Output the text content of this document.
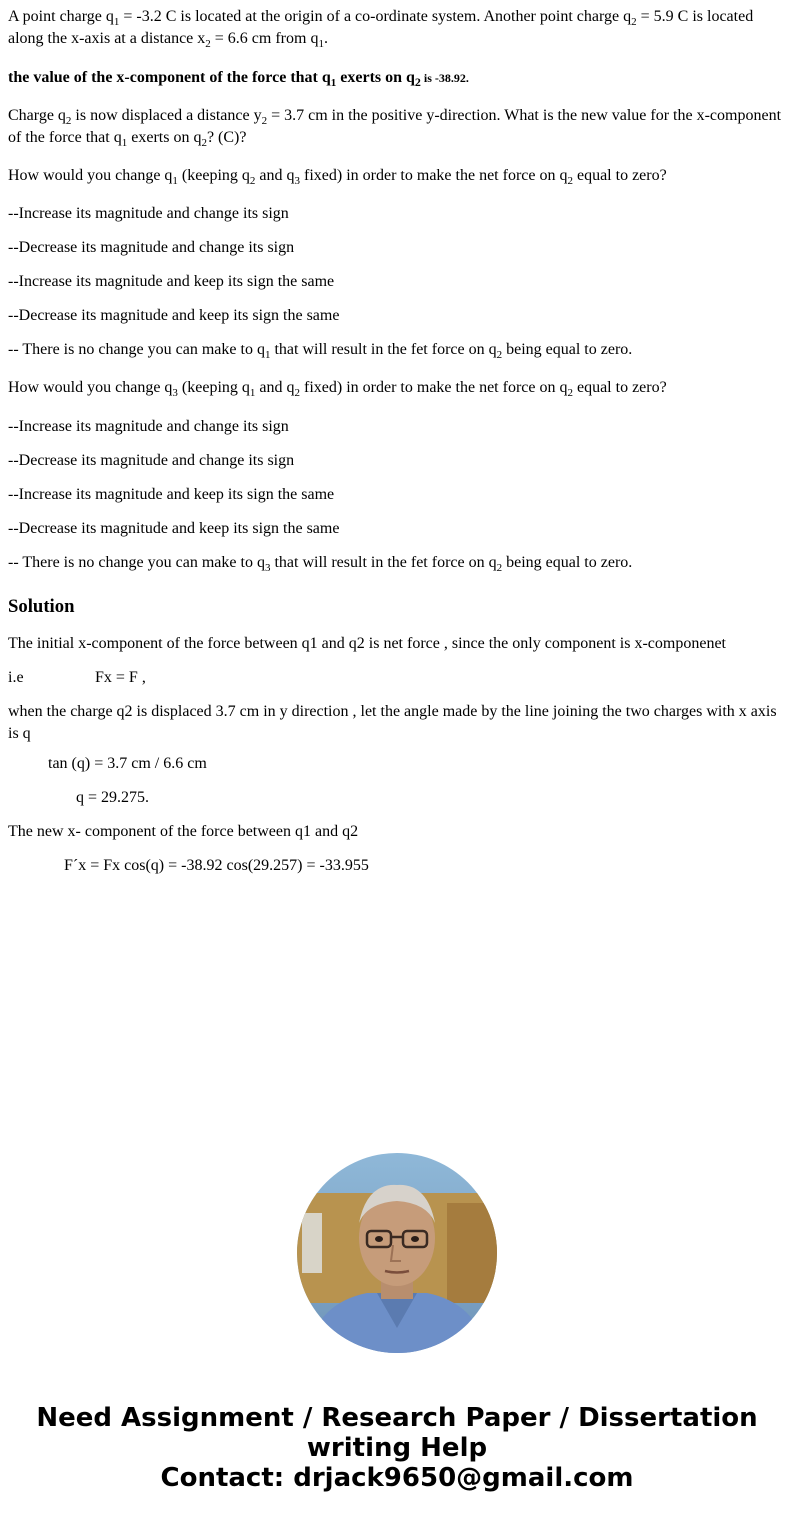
A point charge $q_1 = -3.2$ C is located at the origin of a co-ordinate system. Another point charge $q_2 = 5.9$ C is located along the x-axis at a distance $x_2 = 6.6$ cm from $q_1$.

the value of the x-component of the force that $q_1$ exerts on $q_2$ is -38.92.

Charge $q_2$ is now displaced a distance $y_2 = 3.7$ cm in the positive y-direction. What is the new value for the x-component of the force that $q_1$ exerts on $q_2$? (C)?

How would you change $q_1$ (keeping $q_2$ and $q_3$ fixed) in order to make the net force on $q_2$ equal to zero?

--Increase its magnitude and change its sign

--Decrease its magnitude and change its sign

--Increase its magnitude and keep its sign the same

--Decrease its magnitude and keep its sign the same

-- There is no change you can make to $q_1$ that will result in the fet force on $q_2$ being equal to zero.

How would you change $q_3$ (keeping $q_1$ and $q_2$ fixed) in order to make the net force on $q_2$ equal to zero?

--Increase its magnitude and change its sign

--Decrease its magnitude and change its sign

--Increase its magnitude and keep its sign the same

--Decrease its magnitude and keep its sign the same

-- There is no change you can make to $q_3$ that will result in the fet force on $q_2$ being equal to zero.

Solution

The initial x-component of the force between q1 and q2 is net force , since the only component is x-componenet

i.e	Fx = F ,

when the charge q2 is displaced 3.7 cm in y direction , let the angle made by the line joining the two charges with x axis is q

tan (q) = 3.7 cm / 6.6 cm

q = 29.275.

The new x- component of the force between q1 and q2

F´x = Fx cos(q) = -38.92 cos(29.257) = -33.955

Need Assignment / Research Paper / Dissertation
writing Help
Contact: drjack9650@gmail.com
